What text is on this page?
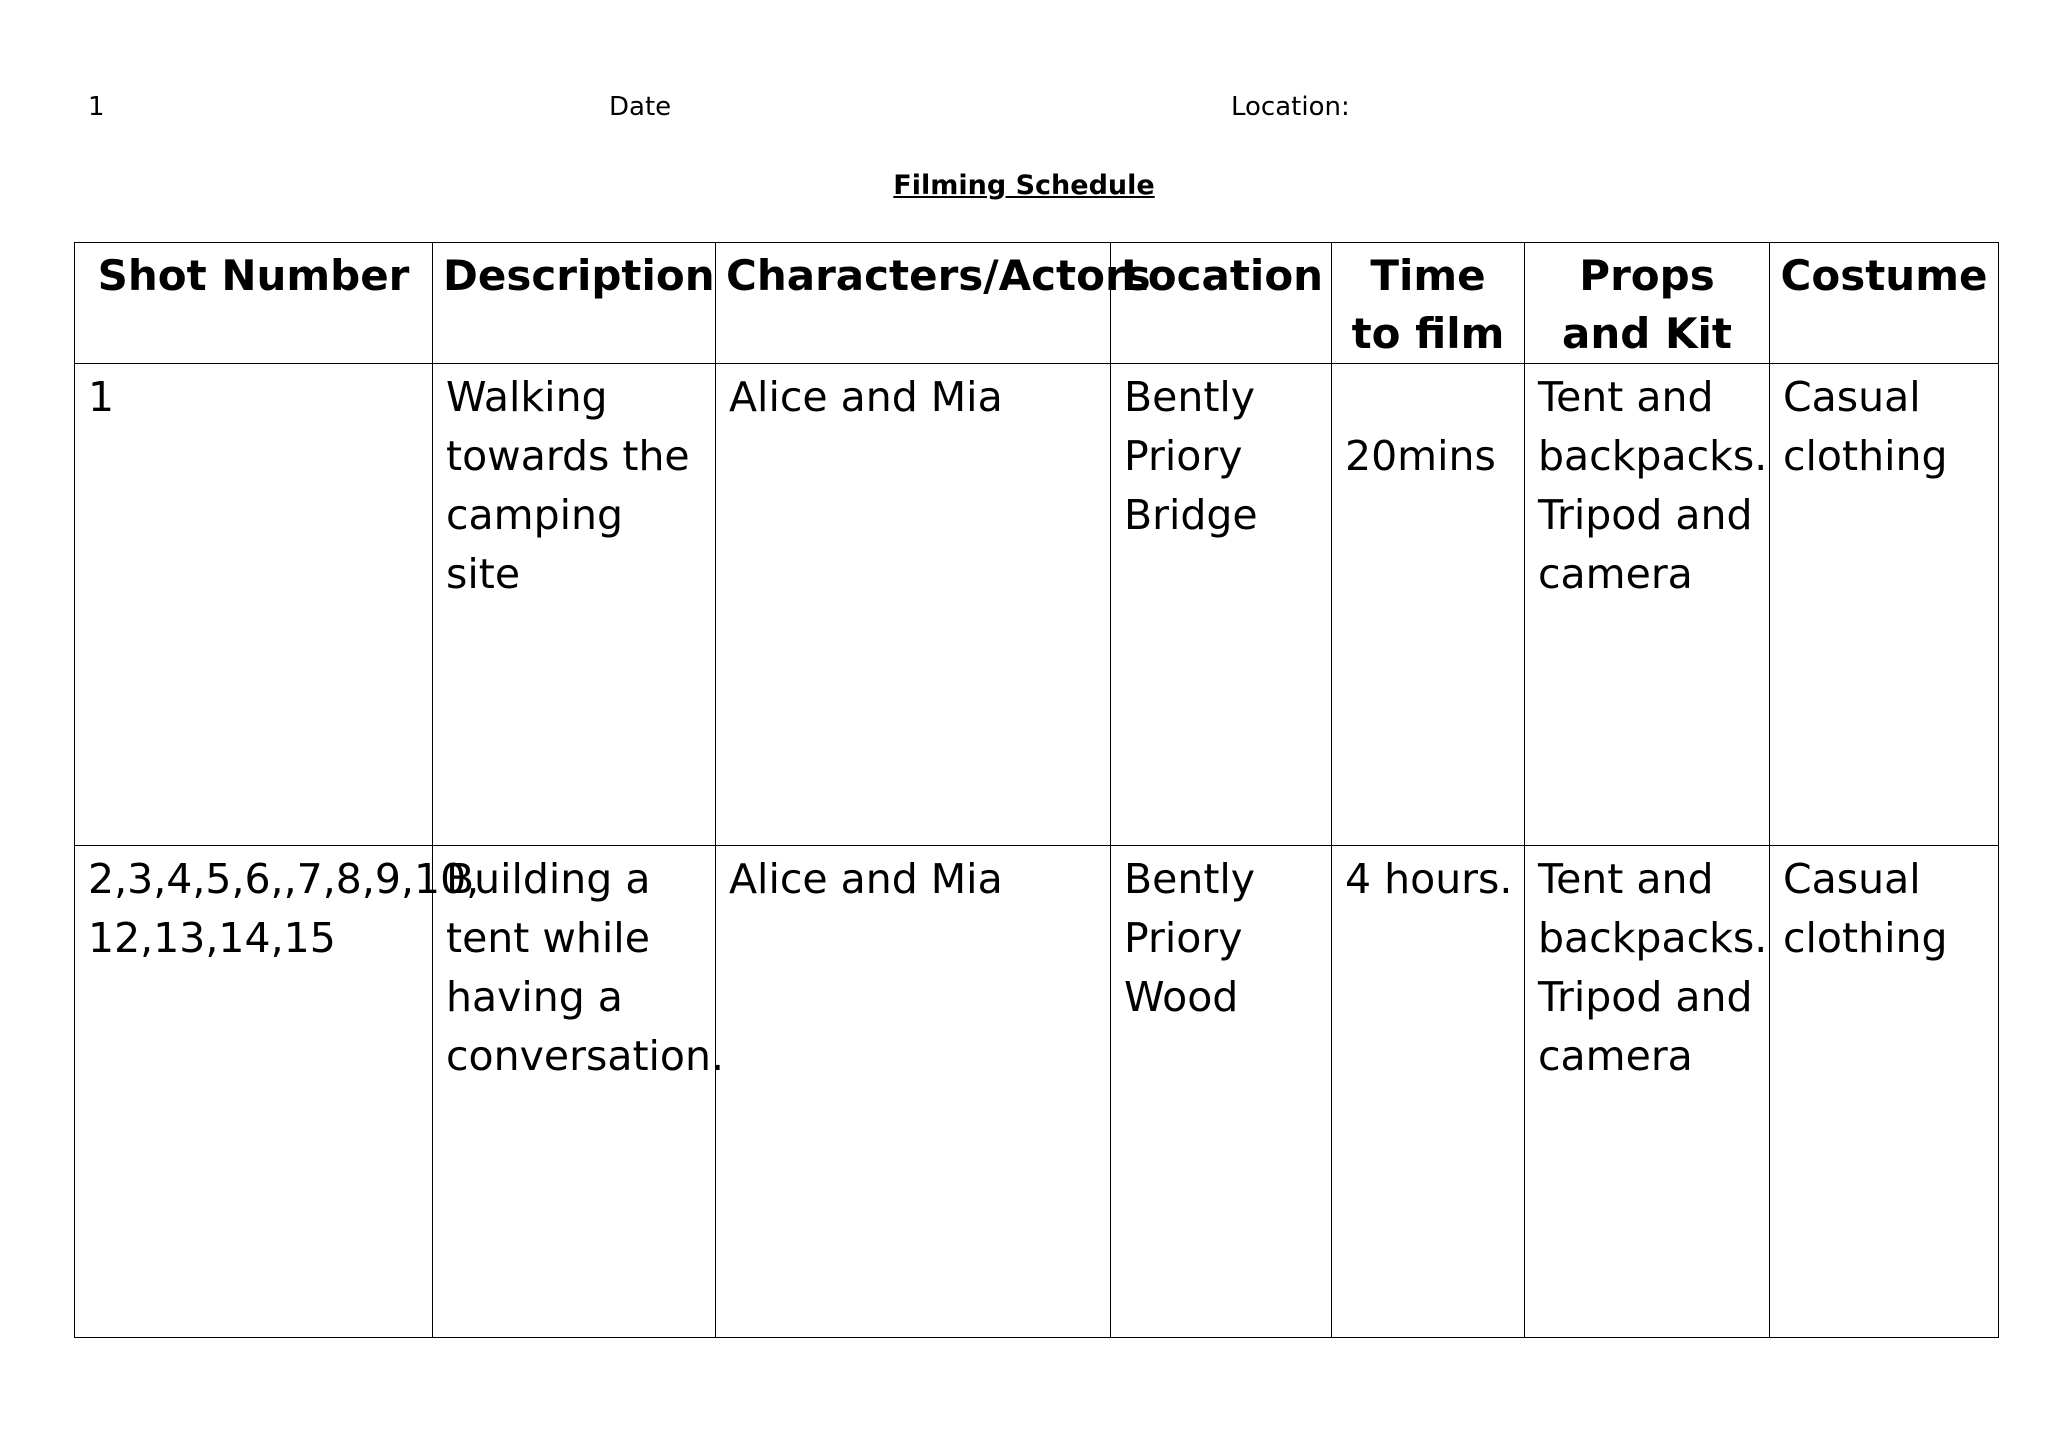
1	Date	Location:
Filming Schedule
Shot Number	Description	Characters/Actors	Location	Time to film	Props and Kit	Costume
1	Walking towards the camping site	Alice and Mia	Bently Priory Bridge	20mins	Tent and backpacks. Tripod and camera	Casual clothing
2,3,4,5,6,,7,8,9,10, 12,13,14,15	Building a tent while having a conversation.	Alice and Mia	Bently Priory Wood	4 hours.	Tent and backpacks. Tripod and camera	Casual clothing
